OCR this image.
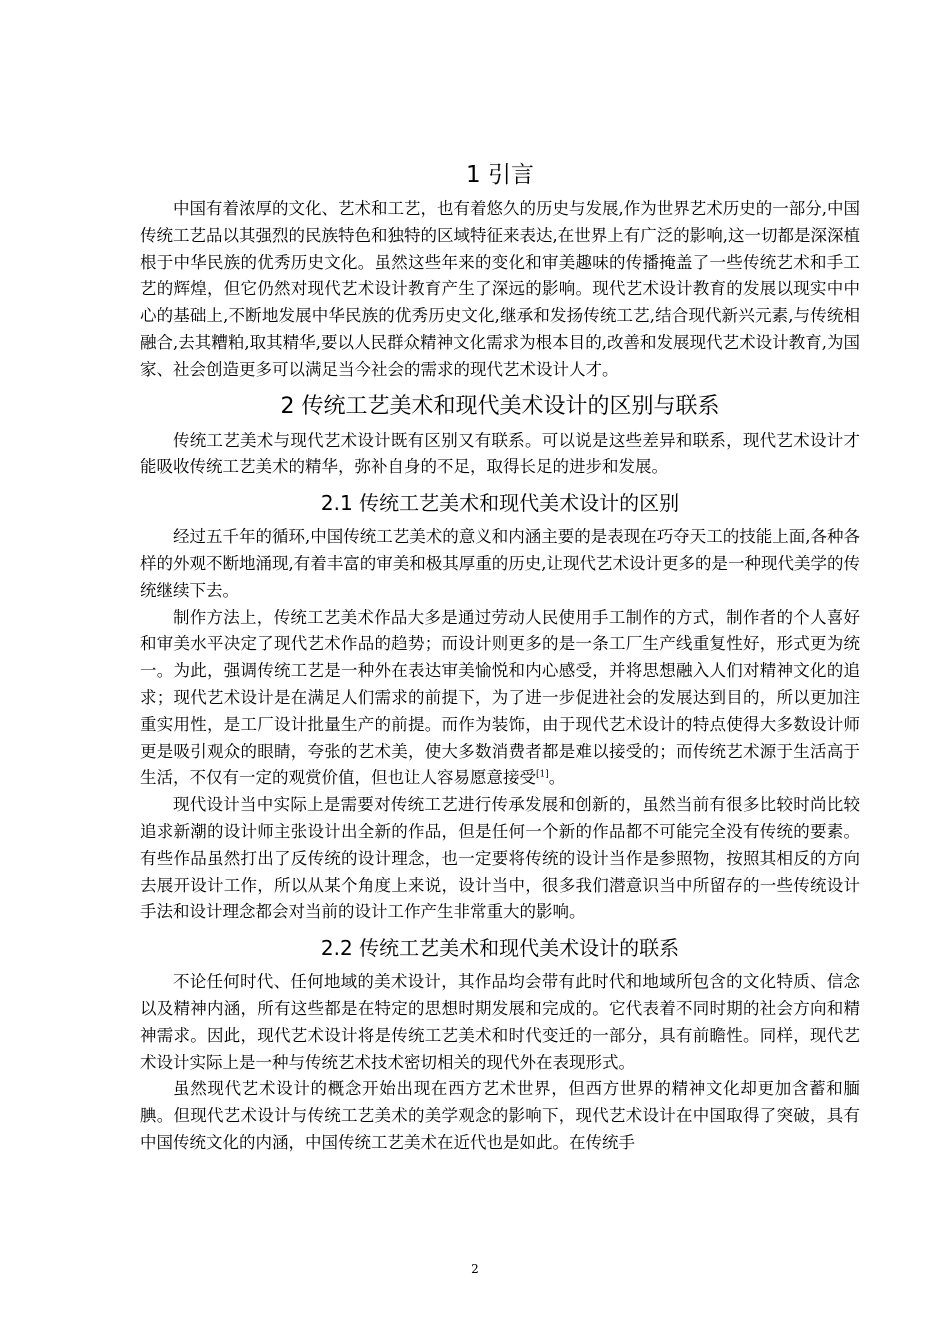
1 引言

中国有着浓厚的文化、艺术和工艺，也有着悠久的历史与发展,作为世界艺术历史的一部分,中国传统工艺品以其强烈的民族特色和独特的区域特征来表达,在世界上有广泛的影响,这一切都是深深植根于中华民族的优秀历史文化。虽然这些年来的变化和审美趣味的传播掩盖了一些传统艺术和手工艺的辉煌，但它仍然对现代艺术设计教育产生了深远的影响。现代艺术设计教育的发展以现实中中心的基础上,不断地发展中华民族的优秀历史文化,继承和发扬传统工艺,结合现代新兴元素,与传统相融合,去其糟粕,取其精华,要以人民群众精神文化需求为根本目的,改善和发展现代艺术设计教育,为国家、社会创造更多可以满足当今社会的需求的现代艺术设计人才。

2 传统工艺美术和现代美术设计的区别与联系

传统工艺美术与现代艺术设计既有区别又有联系。可以说是这些差异和联系，现代艺术设计才能吸收传统工艺美术的精华，弥补自身的不足，取得长足的进步和发展。

2.1 传统工艺美术和现代美术设计的区别

经过五千年的循环,中国传统工艺美术的意义和内涵主要的是表现在巧夺天工的技能上面,各种各样的外观不断地涌现,有着丰富的审美和极其厚重的历史,让现代艺术设计更多的是一种现代美学的传统继续下去。

制作方法上，传统工艺美术作品大多是通过劳动人民使用手工制作的方式，制作者的个人喜好和审美水平决定了现代艺术作品的趋势；而设计则更多的是一条工厂生产线重复性好，形式更为统一。为此，强调传统工艺是一种外在表达审美愉悦和内心感受，并将思想融入人们对精神文化的追求；现代艺术设计是在满足人们需求的前提下，为了进一步促进社会的发展达到目的，所以更加注重实用性，是工厂设计批量生产的前提。而作为装饰，由于现代艺术设计的特点使得大多数设计师更是吸引观众的眼睛，夸张的艺术美，使大多数消费者都是难以接受的；而传统艺术源于生活高于生活，不仅有一定的观赏价值，但也让人容易愿意接受[1]。

现代设计当中实际上是需要对传统工艺进行传承发展和创新的，虽然当前有很多比较时尚比较追求新潮的设计师主张设计出全新的作品，但是任何一个新的作品都不可能完全没有传统的要素。有些作品虽然打出了反传统的设计理念，也一定要将传统的设计当作是参照物，按照其相反的方向去展开设计工作，所以从某个角度上来说，设计当中，很多我们潜意识当中所留存的一些传统设计手法和设计理念都会对当前的设计工作产生非常重大的影响。

2.2 传统工艺美术和现代美术设计的联系

不论任何时代、任何地域的美术设计，其作品均会带有此时代和地域所包含的文化特质、信念以及精神内涵，所有这些都是在特定的思想时期发展和完成的。它代表着不同时期的社会方向和精神需求。因此，现代艺术设计将是传统工艺美术和时代变迁的一部分，具有前瞻性。同样，现代艺术设计实际上是一种与传统艺术技术密切相关的现代外在表现形式。

虽然现代艺术设计的概念开始出现在西方艺术世界，但西方世界的精神文化却更加含蓄和腼腆。但现代艺术设计与传统工艺美术的美学观念的影响下，现代艺术设计在中国取得了突破，具有中国传统文化的内涵，中国传统工艺美术在近代也是如此。在传统手

2
